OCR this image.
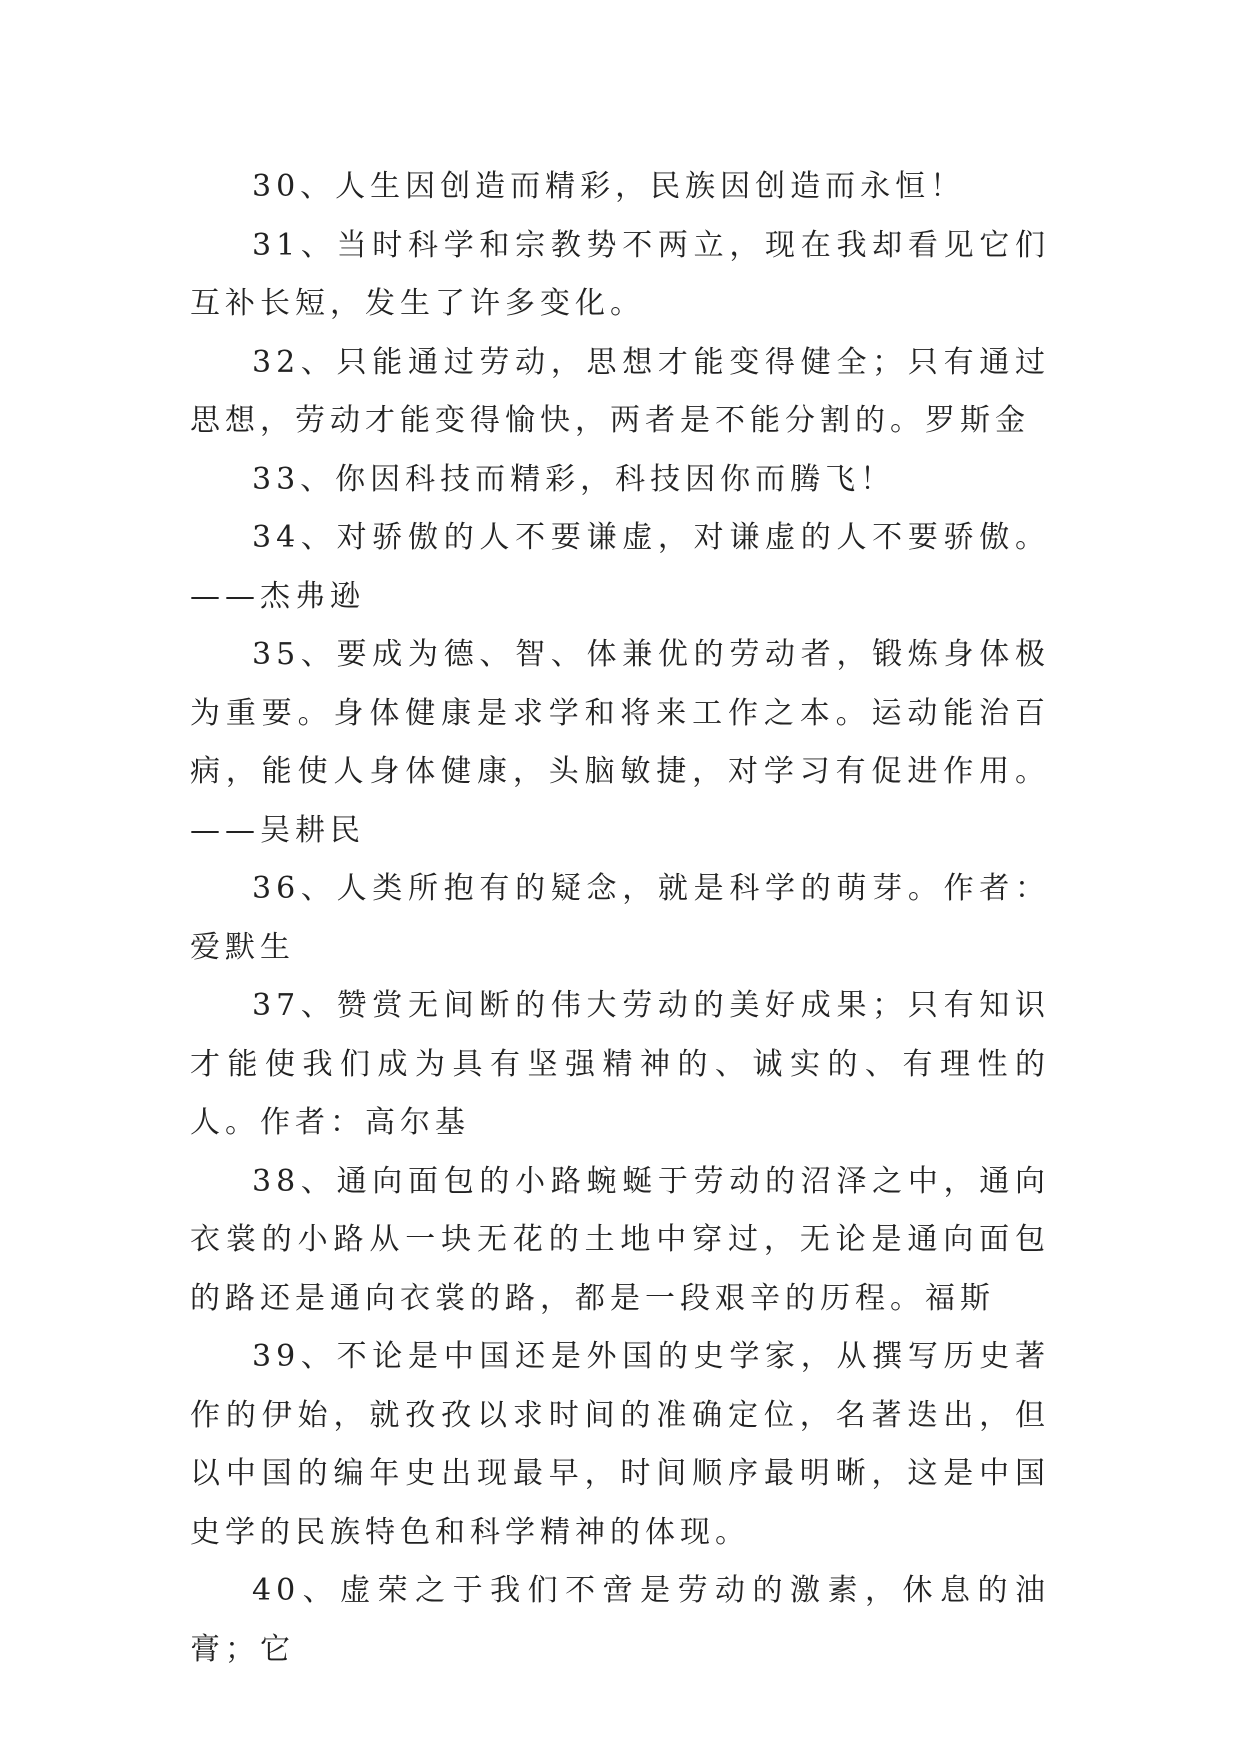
30、人生因创造而精彩，民族因创造而永恒！

31、当时科学和宗教势不两立，现在我却看见它们互补长短，发生了许多变化。

32、只能通过劳动，思想才能变得健全；只有通过思想，劳动才能变得愉快，两者是不能分割的。罗斯金

33、你因科技而精彩，科技因你而腾飞！

34、对骄傲的人不要谦虚，对谦虚的人不要骄傲。——杰弗逊

35、要成为德、智、体兼优的劳动者，锻炼身体极为重要。身体健康是求学和将来工作之本。运动能治百病，能使人身体健康，头脑敏捷，对学习有促进作用。——吴耕民

36、人类所抱有的疑念，就是科学的萌芽。作者：爱默生

37、赞赏无间断的伟大劳动的美好成果；只有知识才能使我们成为具有坚强精神的、诚实的、有理性的人。作者：高尔基

38、通向面包的小路蜿蜒于劳动的沼泽之中，通向衣裳的小路从一块无花的土地中穿过，无论是通向面包的路还是通向衣裳的路，都是一段艰辛的历程。福斯

39、不论是中国还是外国的史学家，从撰写历史著作的伊始，就孜孜以求时间的准确定位，名著迭出，但以中国的编年史出现最早，时间顺序最明晰，这是中国史学的民族特色和科学精神的体现。

40、虚荣之于我们不啻是劳动的激素，休息的油膏；它
